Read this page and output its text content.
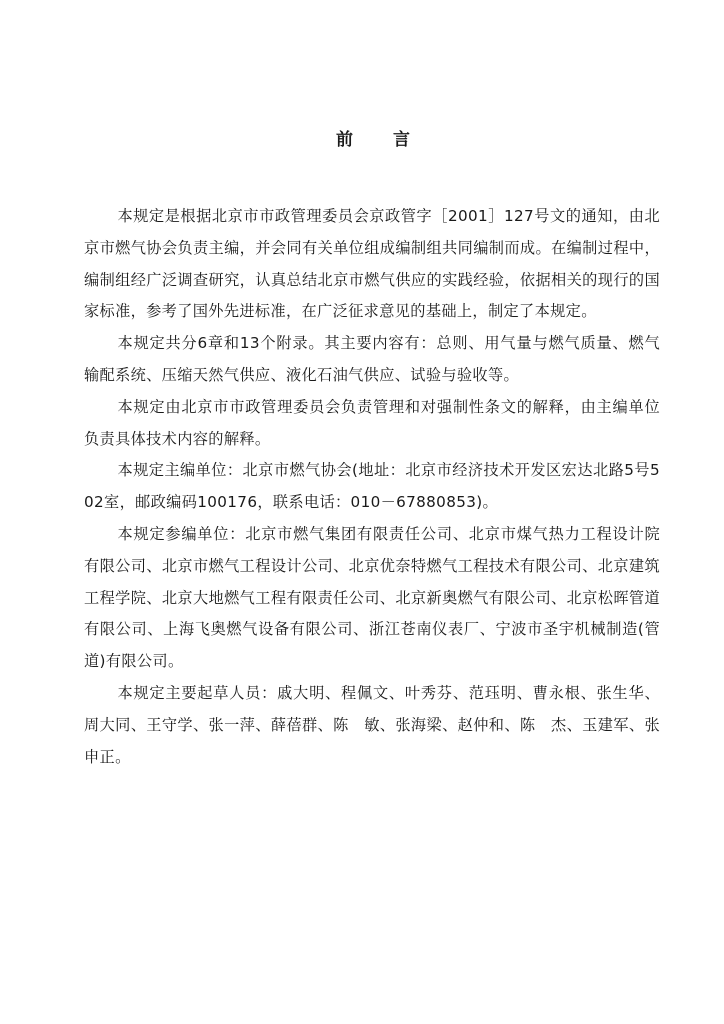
前言

本规定是根据北京市市政管理委员会京政管字［2001］127号文的通知，由北京市燃气协会负责主编，并会同有关单位组成编制组共同编制而成。在编制过程中，编制组经广泛调查研究，认真总结北京市燃气供应的实践经验，依据相关的现行的国家标准，参考了国外先进标准，在广泛征求意见的基础上，制定了本规定。

本规定共分6章和13个附录。其主要内容有：总则、用气量与燃气质量、燃气输配系统、压缩天然气供应、液化石油气供应、试验与验收等。

本规定由北京市市政管理委员会负责管理和对强制性条文的解释，由主编单位负责具体技术内容的解释。

本规定主编单位：北京市燃气协会(地址：北京市经济技术开发区宏达北路5号502室，邮政编码100176，联系电话：010－67880853)。

本规定参编单位：北京市燃气集团有限责任公司、北京市煤气热力工程设计院有限公司、北京市燃气工程设计公司、北京优奈特燃气工程技术有限公司、北京建筑工程学院、北京大地燃气工程有限责任公司、北京新奥燃气有限公司、北京松晖管道有限公司、上海飞奥燃气设备有限公司、浙江苍南仪表厂、宁波市圣宇机械制造(管道)有限公司。

本规定主要起草人员：戚大明、程佩文、叶秀芬、范珏明、曹永根、张生华、周大同、王守学、张一萍、薛蓓群、陈　敏、张海梁、赵仲和、陈　杰、玉建军、张申正。
